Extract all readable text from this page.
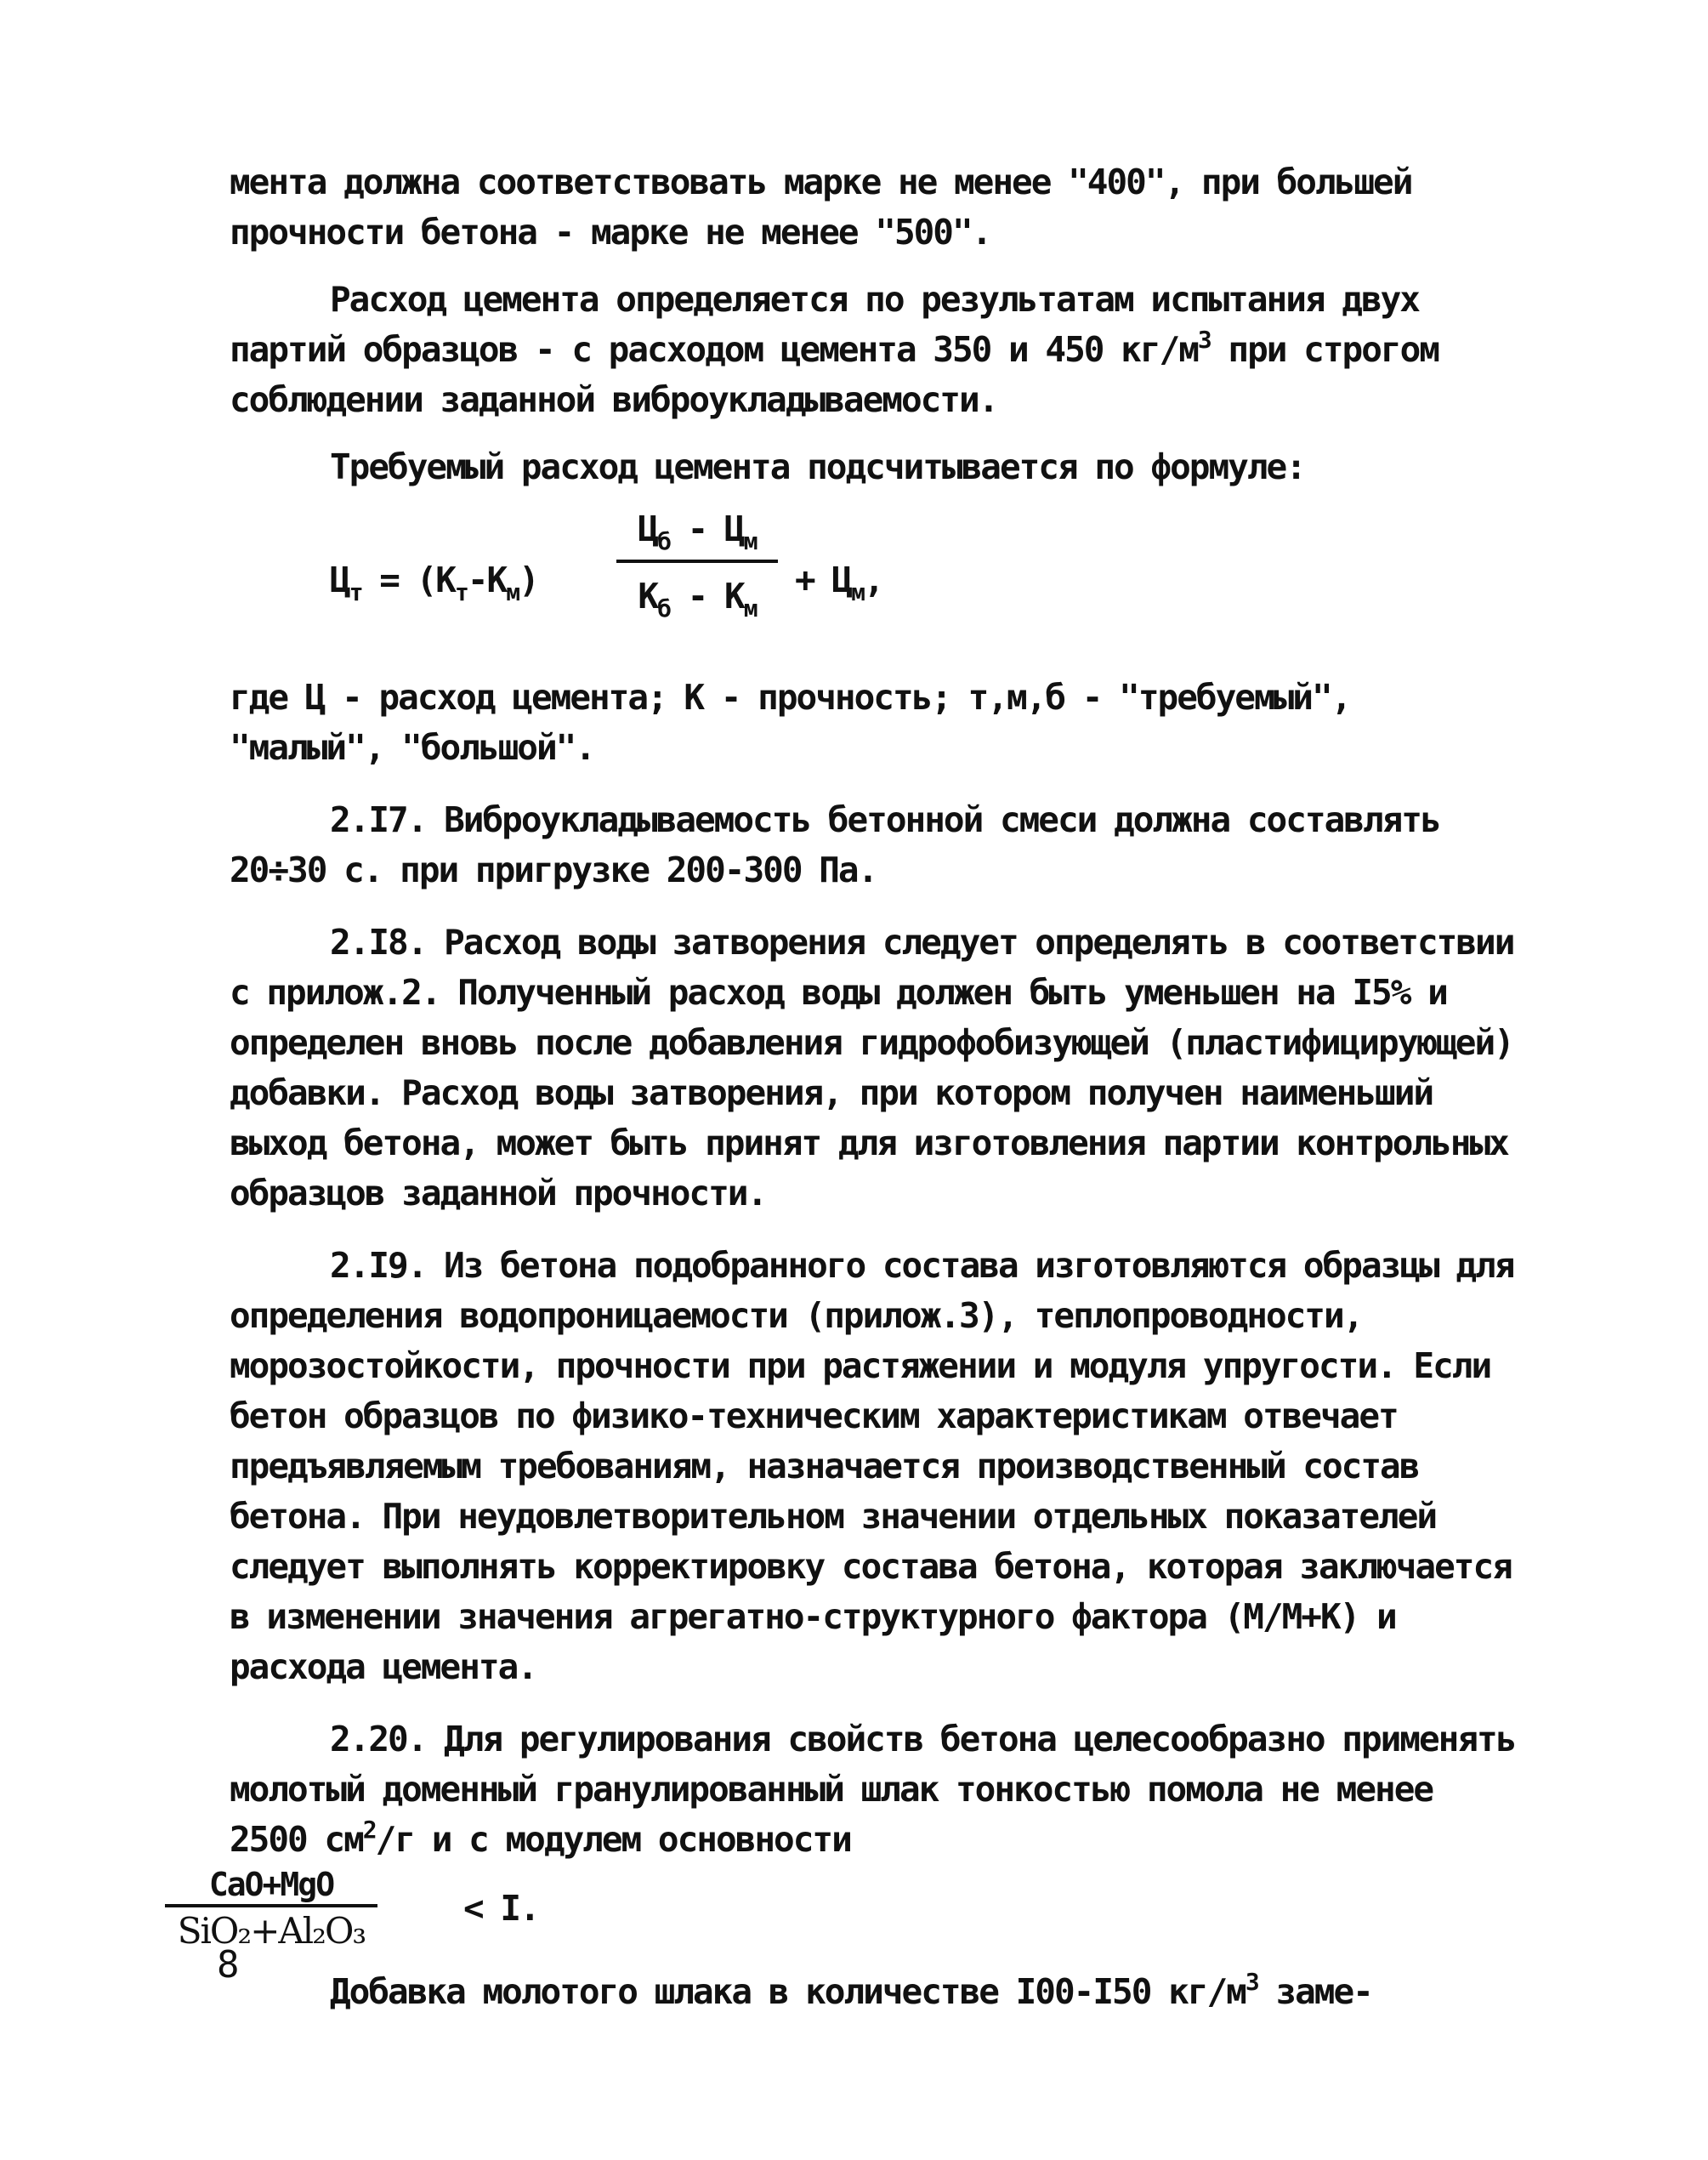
мента должна соответствовать марке не менее "400", при большей прочности бетона - марке не менее "500".

Расход цемента определяется по результатам испытания двух партий образцов - с расходом цемента 350 и 450 $кг/м^3$ при строгом соблюдении заданной виброукладываемости.

Требуемый расход цемента подсчитывается по формуле:

$Ц_т = (К_т-К_м)$
$Ц_б - Ц_м$
$К_б - К_м$
+ $Ц_м$,

где Ц - расход цемента; К - прочность; т,м,б - "требуемый", "малый", "большой".

2.I7. Виброукладываемость бетонной смеси должна составлять 20÷30 с. при пригрузке 200-300 Па.

2.I8. Расход воды затворения следует определять в соответствии с прилож.2. Полученный расход воды должен быть уменьшен на I5% и определен вновь после добавления гидрофобизующей (пластифицирующей) добавки. Расход воды затворения, при котором получен наименьший выход бетона, может быть принят для изготовления партии контрольных образцов заданной прочности.

2.I9. Из бетона подобранного состава изготовляются образцы для определения водопроницаемости (прилож.3), теплопроводности, морозостойкости, прочности при растяжении и модуля упругости. Если бетон образцов по физико-техническим характеристикам отвечает предъявляемым требованиям, назначается производственный состав бетона. При неудовлетворительном значении отдельных показателей следует выполнять корректировку состава бетона, которая заключается в изменении значения агрегатно-структурного фактора (М/М+К) и расхода цемента.

2.20. Для регулирования свойств бетона целесообразно применять молотый доменный гранулированный шлак тонкостью помола не менее 2500 $см^2/г$ и с модулем основности

$\frac{\text{СаО+МgО}}{\text{SiO₂+Al₂O₃}} < I$.

Добавка молотого шлака в количестве I00-I50 $кг/м^3$ заме-

8
